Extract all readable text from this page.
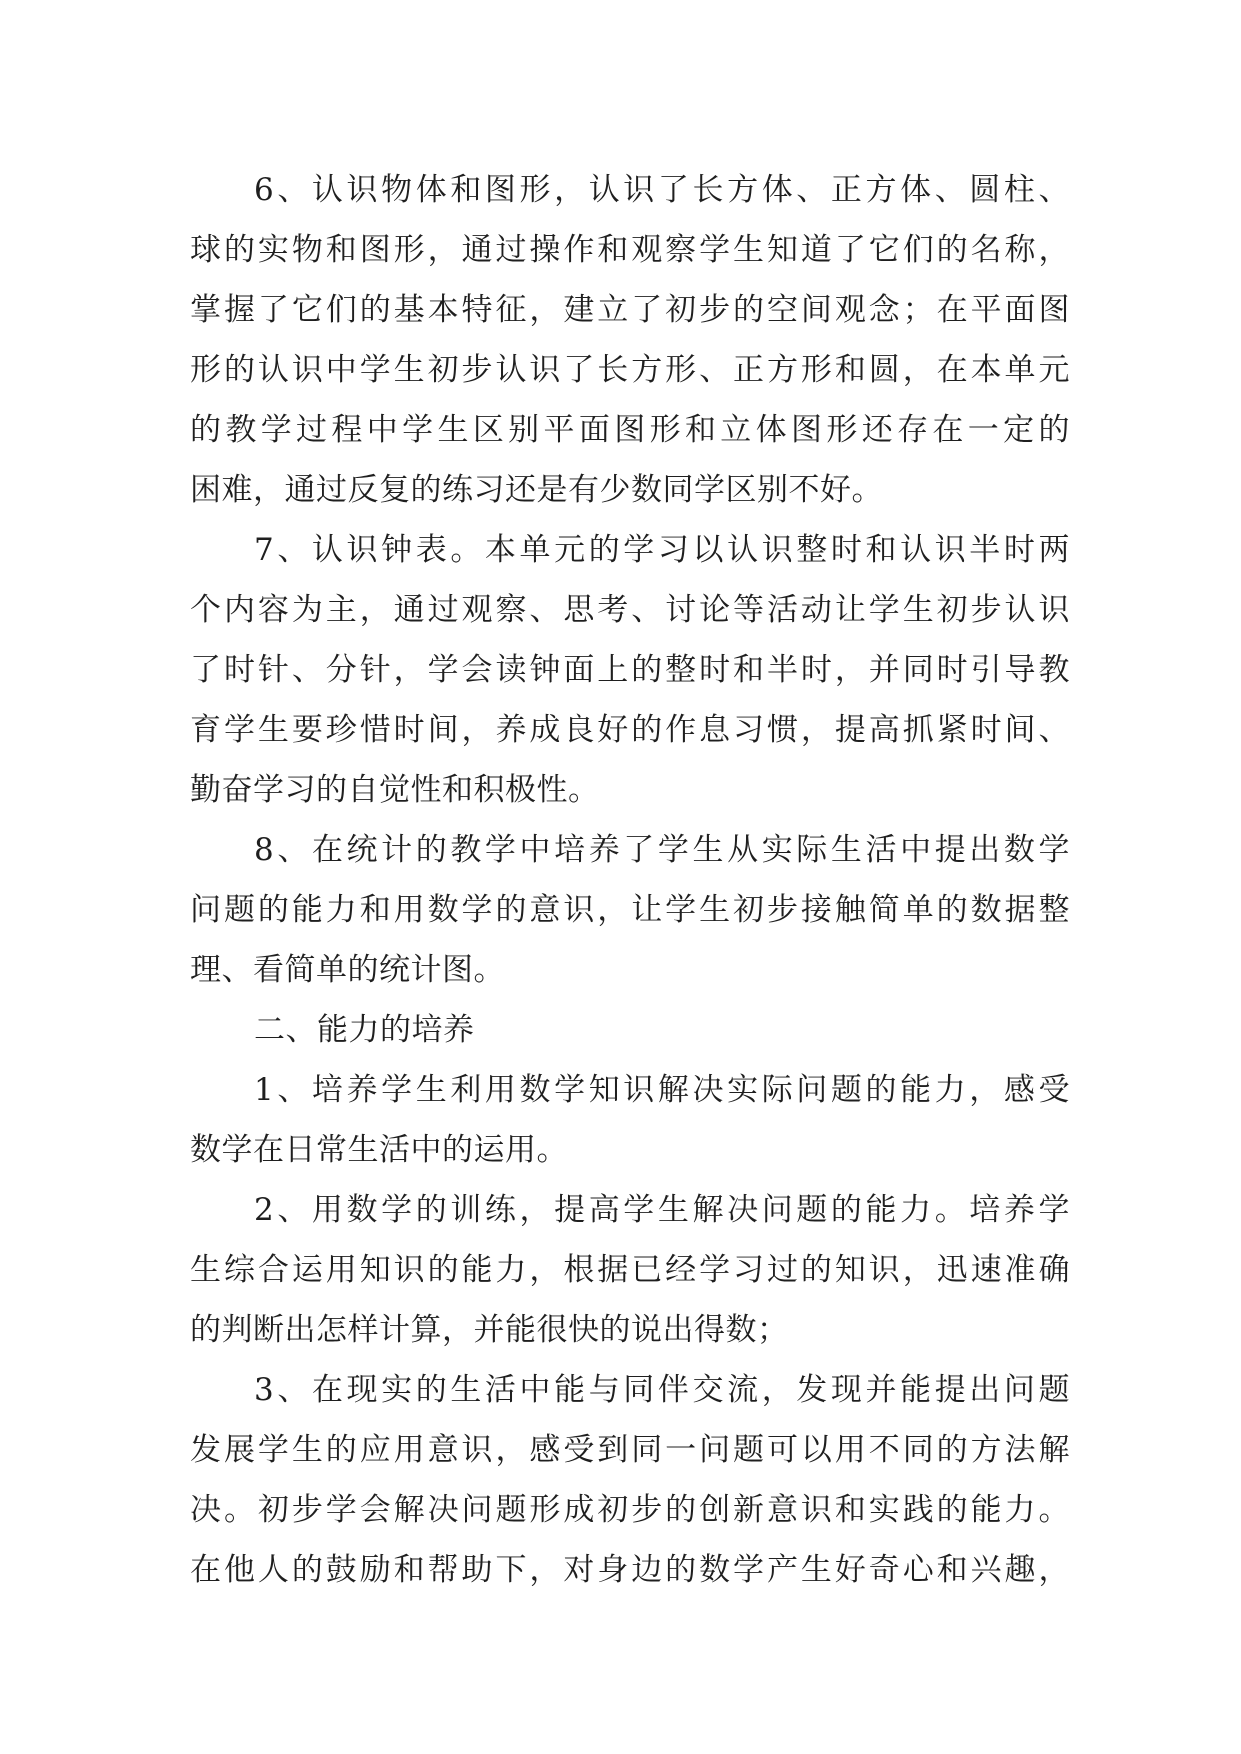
6、认识物体和图形，认识了长方体、正方体、圆柱、
球的实物和图形，通过操作和观察学生知道了它们的名称，
掌握了它们的基本特征，建立了初步的空间观念；在平面图
形的认识中学生初步认识了长方形、正方形和圆，在本单元
的教学过程中学生区别平面图形和立体图形还存在一定的
困难，通过反复的练习还是有少数同学区别不好。
7、认识钟表。本单元的学习以认识整时和认识半时两
个内容为主，通过观察、思考、讨论等活动让学生初步认识
了时针、分针，学会读钟面上的整时和半时，并同时引导教
育学生要珍惜时间，养成良好的作息习惯，提高抓紧时间、
勤奋学习的自觉性和积极性。
8、在统计的教学中培养了学生从实际生活中提出数学
问题的能力和用数学的意识，让学生初步接触简单的数据整
理、看简单的统计图。
二、能力的培养
1、培养学生利用数学知识解决实际问题的能力，感受
数学在日常生活中的运用。
2、用数学的训练，提高学生解决问题的能力。培养学
生综合运用知识的能力，根据已经学习过的知识，迅速准确
的判断出怎样计算，并能很快的说出得数；
3、在现实的生活中能与同伴交流，发现并能提出问题
发展学生的应用意识，感受到同一问题可以用不同的方法解
决。初步学会解决问题形成初步的创新意识和实践的能力。
在他人的鼓励和帮助下，对身边的数学产生好奇心和兴趣，
